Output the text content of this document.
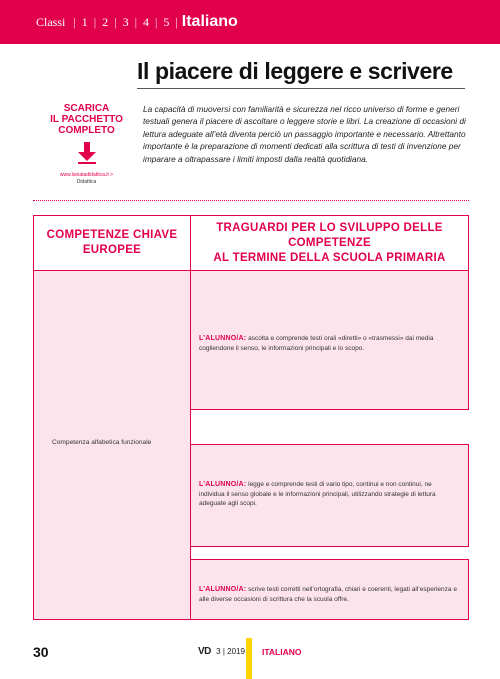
Classi | 1 | 2 | 3 | 4 | 5 | Italiano
Il piacere di leggere e scrivere
SCARICA
IL PACCHETTO
COMPLETO
www.laviatadidattica.it >
Didattica
La capacità di muoversi con familiarità e sicurezza nel ricco universo di forme e generi testuali genera il piacere di ascoltare o leggere storie e libri. La creazione di occasioni di lettura adeguate all’età diventa perciò un passaggio importante e necessario. Altrettanto importante è la preparazione di momenti dedicati alla scrittura di testi di invenzione per imparare a oltrapassare i limiti imposti dalla realtà quotidiana.
COMPETENZE CHIAVE
EUROPEE
TRAGUARDI PER LO SVILUPPO DELLE COMPETENZE
AL TERMINE DELLA SCUOLA PRIMARIA
Competenza alfabetica funzionale
L’ALUNNO/A: ascolta e comprende testi orali «diretti» o «trasmessi» dai media cogliendone il senso, le informazioni principali e lo scopo.
L’ALUNNO/A: legge e comprende testi di vario tipo, continui e non continui, ne individua il senso globale e le informazioni principali, utilizzando strategie di lettura adeguate agli scopi.
L’ALUNNO/A: scrive testi corretti nell’ortografia, chiari e coerenti, legati all’esperienza e alle diverse occasioni di scrittura che la scuola offre.
30	VD 3 | 2019 ITALIANO
